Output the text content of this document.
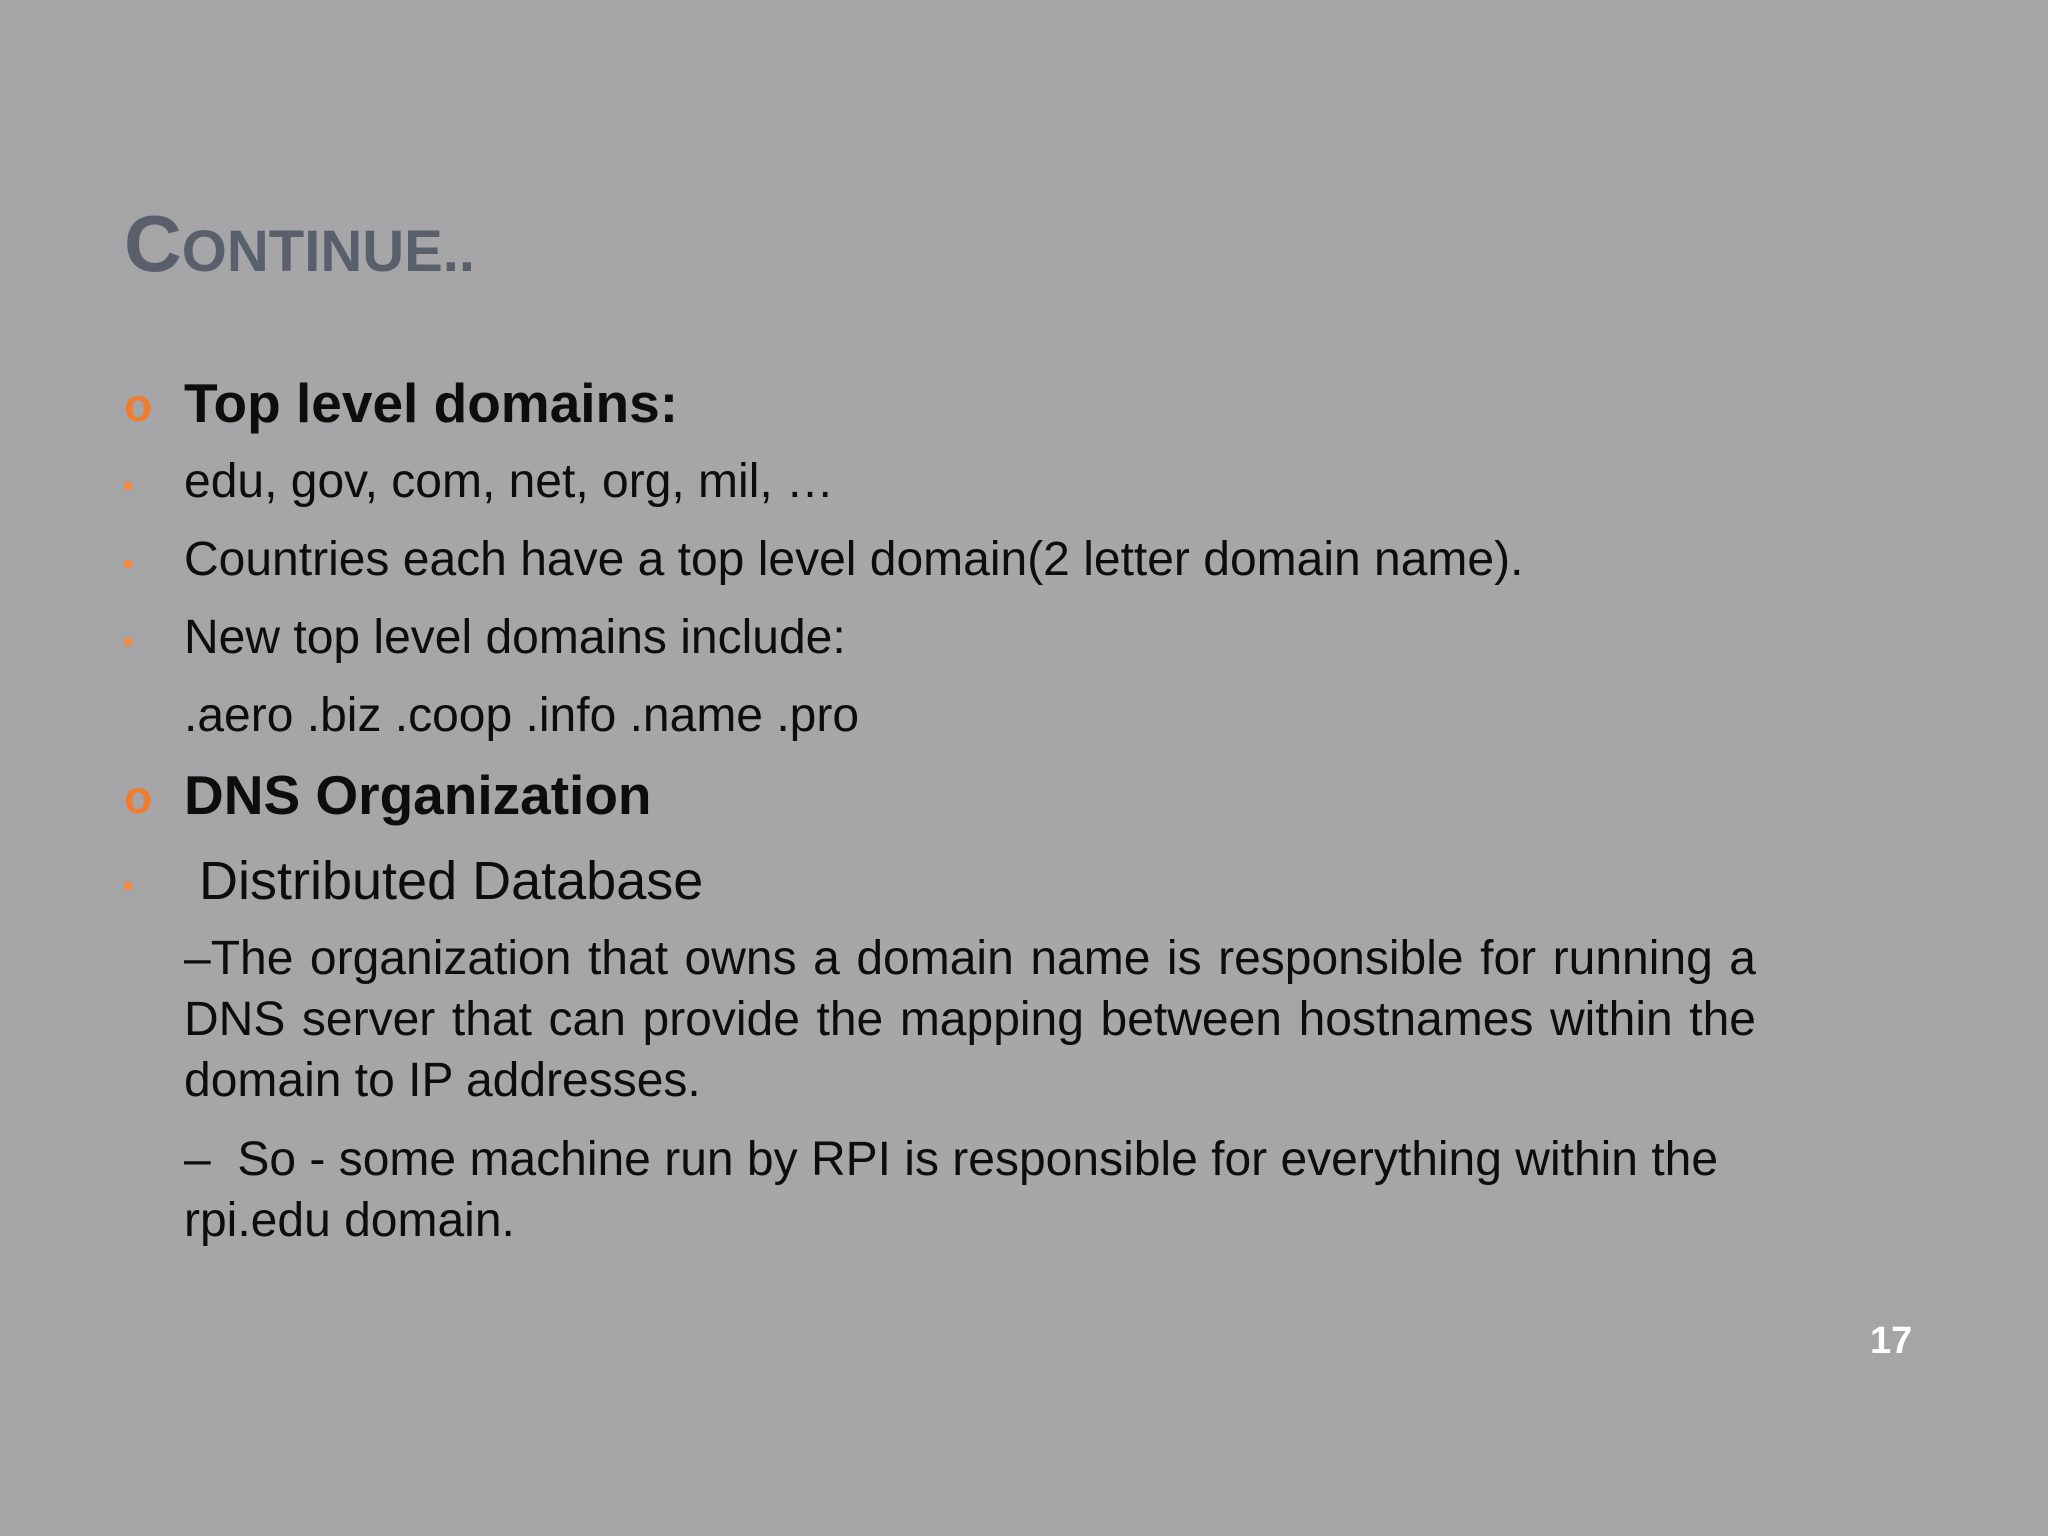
CONTINUE..
o Top level domains:
edu, gov, com, net, org, mil, …
Countries each have a top level domain(2 letter domain name).
New top level domains include:
.aero .biz .coop .info .name .pro
o DNS Organization
Distributed Database
–The organization that owns a domain name is responsible for running a DNS server that can provide the mapping between hostnames within the domain to IP addresses.
–  So - some machine run by RPI is responsible for everything within the rpi.edu domain.
17
